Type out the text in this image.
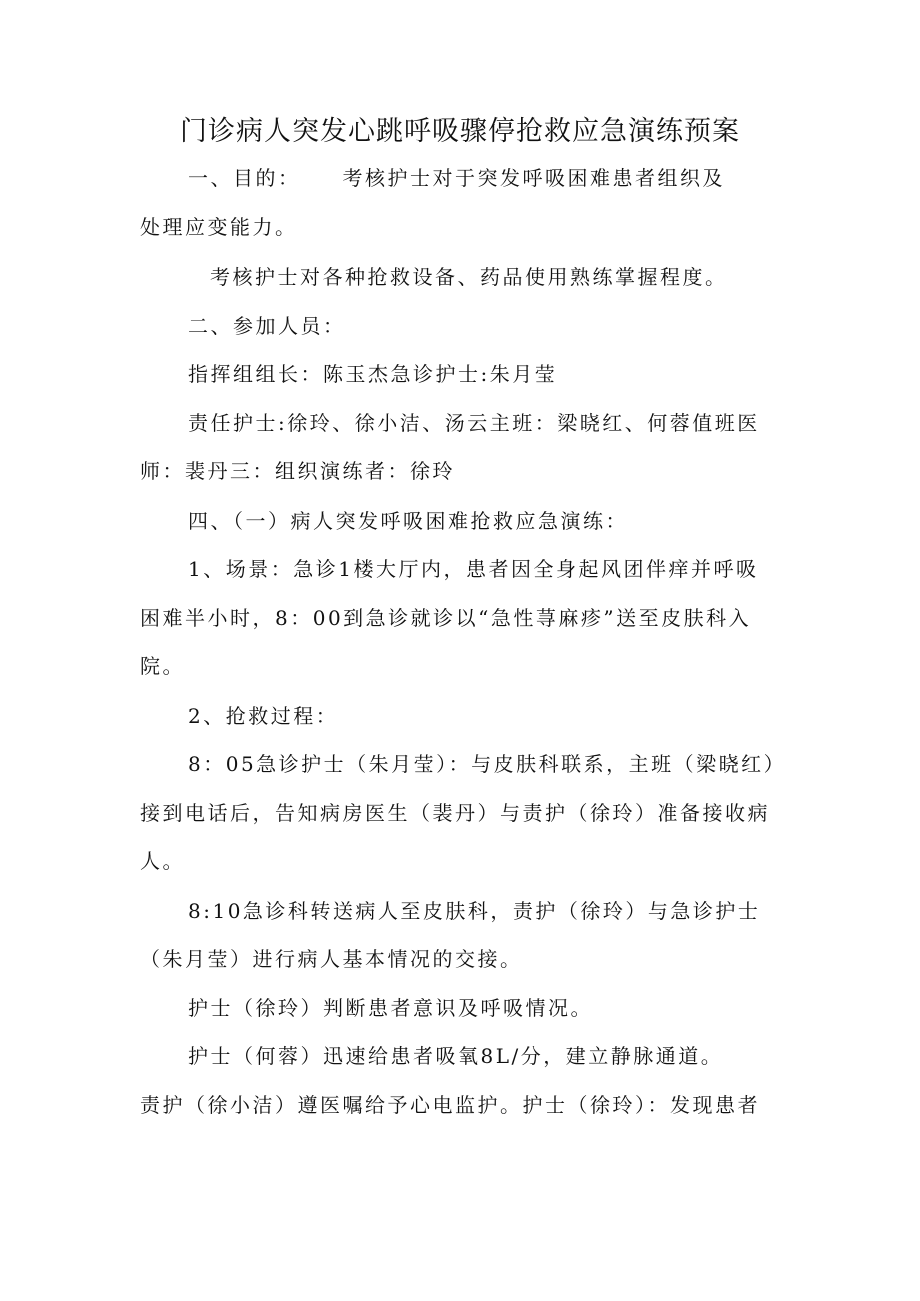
门诊病人突发心跳呼吸骤停抢救应急演练预案
一、目的： 考核护士对于突发呼吸困难患者组织及
处理应变能力。
考核护士对各种抢救设备、药品使用熟练掌握程度。
二、参加人员：
指挥组组长：陈玉杰急诊护士:朱月莹
责任护士:徐玲、徐小洁、汤云主班：梁晓红、何蓉值班医
师：裴丹三：组织演练者：徐玲
四、（一）病人突发呼吸困难抢救应急演练：
1、场景：急诊1楼大厅内，患者因全身起风团伴痒并呼吸
困难半小时，8：00到急诊就诊以“急性荨麻疹”送至皮肤科入
院。
2、抢救过程：
8：05急诊护士（朱月莹）：与皮肤科联系，主班（梁晓红）
接到电话后，告知病房医生（裴丹）与责护（徐玲）准备接收病
人。
8:10急诊科转送病人至皮肤科，责护（徐玲）与急诊护士
（朱月莹）进行病人基本情况的交接。
护士（徐玲）判断患者意识及呼吸情况。
护士（何蓉）迅速给患者吸氧8L/分，建立静脉通道。
责护（徐小洁）遵医嘱给予心电监护。护士（徐玲）：发现患者
